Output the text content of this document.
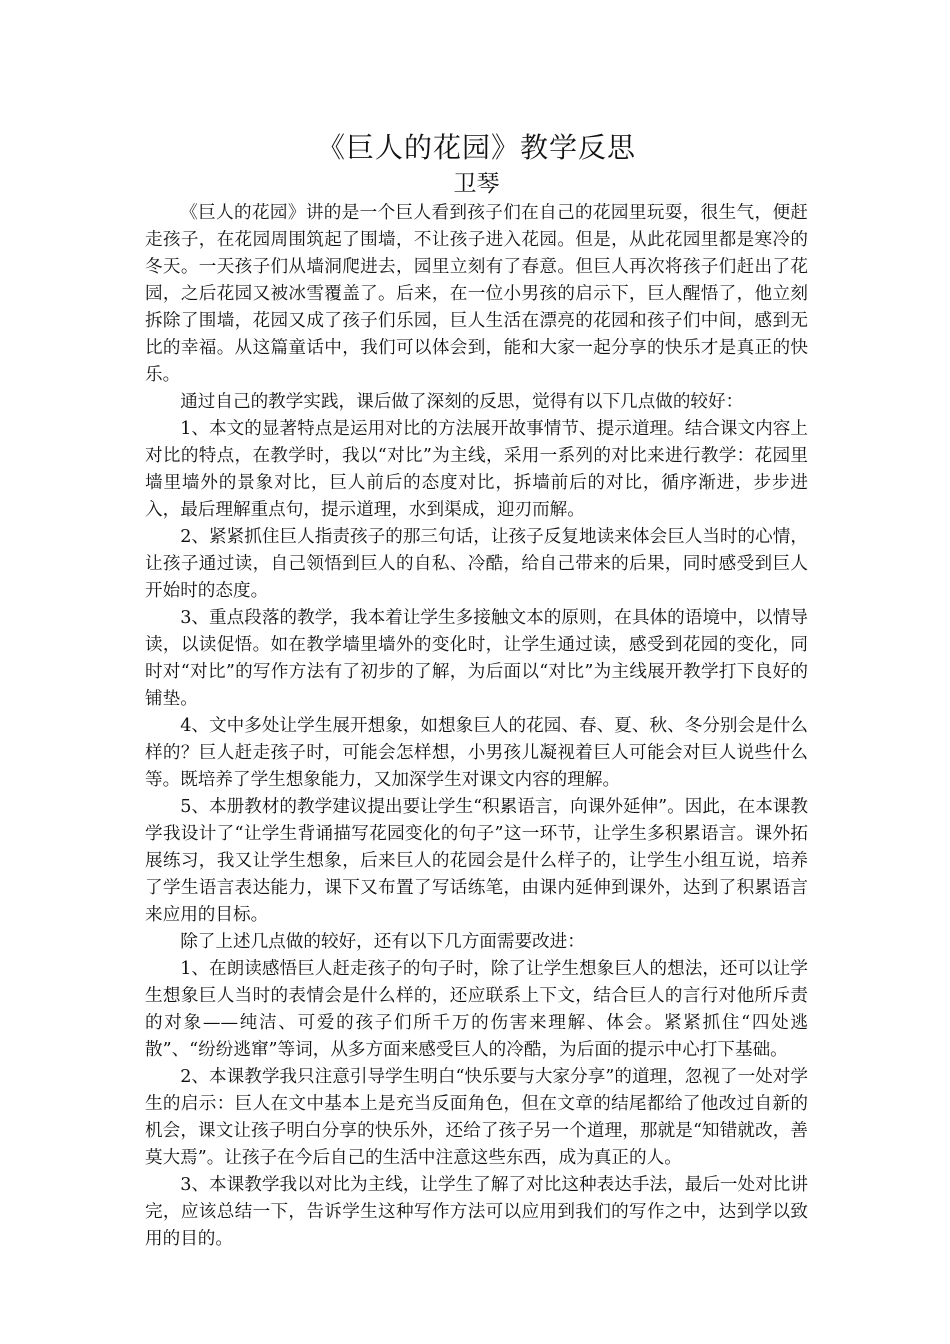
《巨人的花园》教学反思
卫琴

《巨人的花园》讲的是一个巨人看到孩子们在自己的花园里玩耍，很生气，便赶走孩子，在花园周围筑起了围墙，不让孩子进入花园。但是，从此花园里都是寒冷的冬天。一天孩子们从墙洞爬进去，园里立刻有了春意。但巨人再次将孩子们赶出了花园，之后花园又被冰雪覆盖了。后来，在一位小男孩的启示下，巨人醒悟了，他立刻拆除了围墙，花园又成了孩子们乐园，巨人生活在漂亮的花园和孩子们中间，感到无比的幸福。从这篇童话中，我们可以体会到，能和大家一起分享的快乐才是真正的快乐。

通过自己的教学实践，课后做了深刻的反思，觉得有以下几点做的较好：

1、本文的显著特点是运用对比的方法展开故事情节、提示道理。结合课文内容上对比的特点，在教学时，我以“对比”为主线，采用一系列的对比来进行教学：花园里墙里墙外的景象对比，巨人前后的态度对比，拆墙前后的对比，循序渐进，步步进入，最后理解重点句，提示道理，水到渠成，迎刃而解。

2、紧紧抓住巨人指责孩子的那三句话，让孩子反复地读来体会巨人当时的心情，让孩子通过读，自己领悟到巨人的自私、冷酷，给自己带来的后果，同时感受到巨人开始时的态度。

3、重点段落的教学，我本着让学生多接触文本的原则，在具体的语境中，以情导读，以读促悟。如在教学墙里墙外的变化时，让学生通过读，感受到花园的变化，同时对“对比”的写作方法有了初步的了解，为后面以“对比”为主线展开教学打下良好的铺垫。

4、文中多处让学生展开想象，如想象巨人的花园、春、夏、秋、冬分别会是什么样的？巨人赶走孩子时，可能会怎样想，小男孩儿凝视着巨人可能会对巨人说些什么等。既培养了学生想象能力，又加深学生对课文内容的理解。

5、本册教材的教学建议提出要让学生“积累语言，向课外延伸”。因此，在本课教学我设计了“让学生背诵描写花园变化的句子”这一环节，让学生多积累语言。课外拓展练习，我又让学生想象，后来巨人的花园会是什么样子的，让学生小组互说，培养了学生语言表达能力，课下又布置了写话练笔，由课内延伸到课外，达到了积累语言来应用的目标。

除了上述几点做的较好，还有以下几方面需要改进：

1、在朗读感悟巨人赶走孩子的句子时，除了让学生想象巨人的想法，还可以让学生想象巨人当时的表情会是什么样的，还应联系上下文，结合巨人的言行对他所斥责的对象——纯洁、可爱的孩子们所千万的伤害来理解、体会。紧紧抓住“四处逃散”、“纷纷逃窜”等词，从多方面来感受巨人的冷酷，为后面的提示中心打下基础。

2、本课教学我只注意引导学生明白“快乐要与大家分享”的道理，忽视了一处对学生的启示：巨人在文中基本上是充当反面角色，但在文章的结尾都给了他改过自新的机会，课文让孩子明白分享的快乐外，还给了孩子另一个道理，那就是“知错就改，善莫大焉”。让孩子在今后自己的生活中注意这些东西，成为真正的人。

3、本课教学我以对比为主线，让学生了解了对比这种表达手法，最后一处对比讲完，应该总结一下，告诉学生这种写作方法可以应用到我们的写作之中，达到学以致用的目的。
